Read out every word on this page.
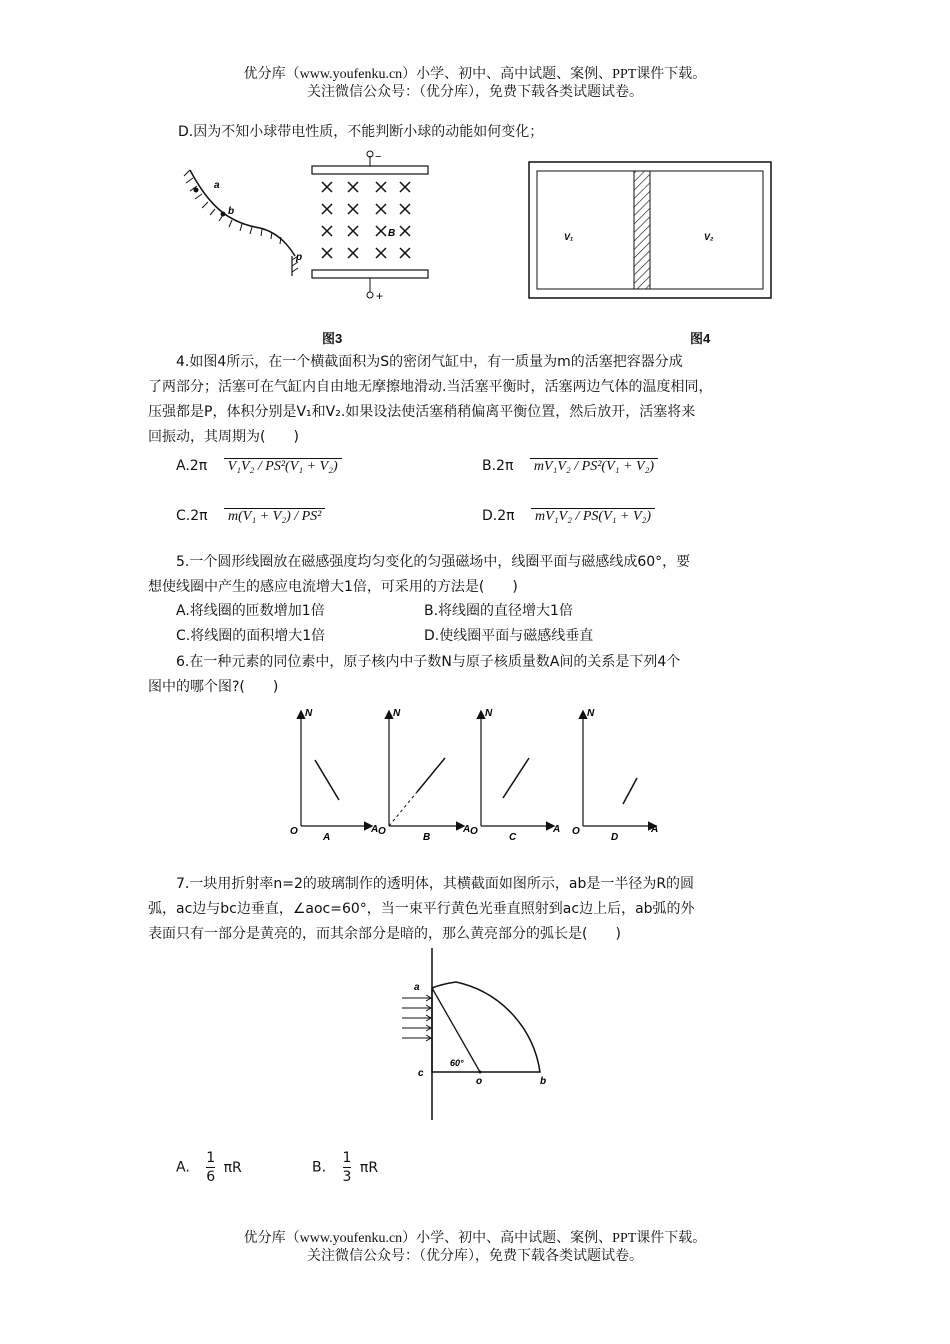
优分库（www.youfenku.cn）小学、初中、高中试题、案例、PPT课件下载。
关注微信公众号：（优分库），免费下载各类试题试卷。
D.因为不知小球带电性质，不能判断小球的动能如何变化；
a
b
p
−
+
B
图3
V₁	V₂
图4
4.如图4所示，在一个横截面积为S的密闭气缸中，有一质量为m的活塞把容器分成
了两部分；活塞可在气缸内自由地无摩擦地滑动.当活塞平衡时，活塞两边气体的温度相同，
压强都是P，体积分别是V₁和V₂.如果设法使活塞稍稍偏离平衡位置，然后放开，活塞将来
回振动，其周期为(　　)
A.2π V₁V₂ / PS²(V₁ + V₂)	B.2π mV₁V₂ / PS²(V₁ + V₂)
C.2π m(V₁ + V₂) / PS²	D.2π mV₁V₂ / PS(V₁ + V₂)
5.一个圆形线圈放在磁感强度均匀变化的匀强磁场中，线圈平面与磁感线成60°，要
想使线圈中产生的感应电流增大1倍，可采用的方法是(　　)
A.将线圈的匝数增加1倍	B.将线圈的直径增大1倍
C.将线圈的面积增大1倍	D.使线圈平面与磁感线垂直
6.在一种元素的同位素中，原子核内中子数N与原子核质量数A间的关系是下列4个
图中的哪个图?(　　)
N
A
O
A
N
A
O
B
N
A
O
C
N
A
O
D
7.一块用折射率n=2的玻璃制作的透明体，其横截面如图所示，ab是一半径为R的圆
弧，ac边与bc边垂直，∠aoc=60°，当一束平行黄色光垂直照射到ac边上后，ab弧的外
表面只有一部分是黄亮的，而其余部分是暗的，那么黄亮部分的弧长是(　　)
a
c
o	b
60°
A. $\frac{1}{6}$ πR	B. $\frac{1}{3}$ πR
优分库（www.youfenku.cn）小学、初中、高中试题、案例、PPT课件下载。
关注微信公众号：（优分库），免费下载各类试题试卷。
